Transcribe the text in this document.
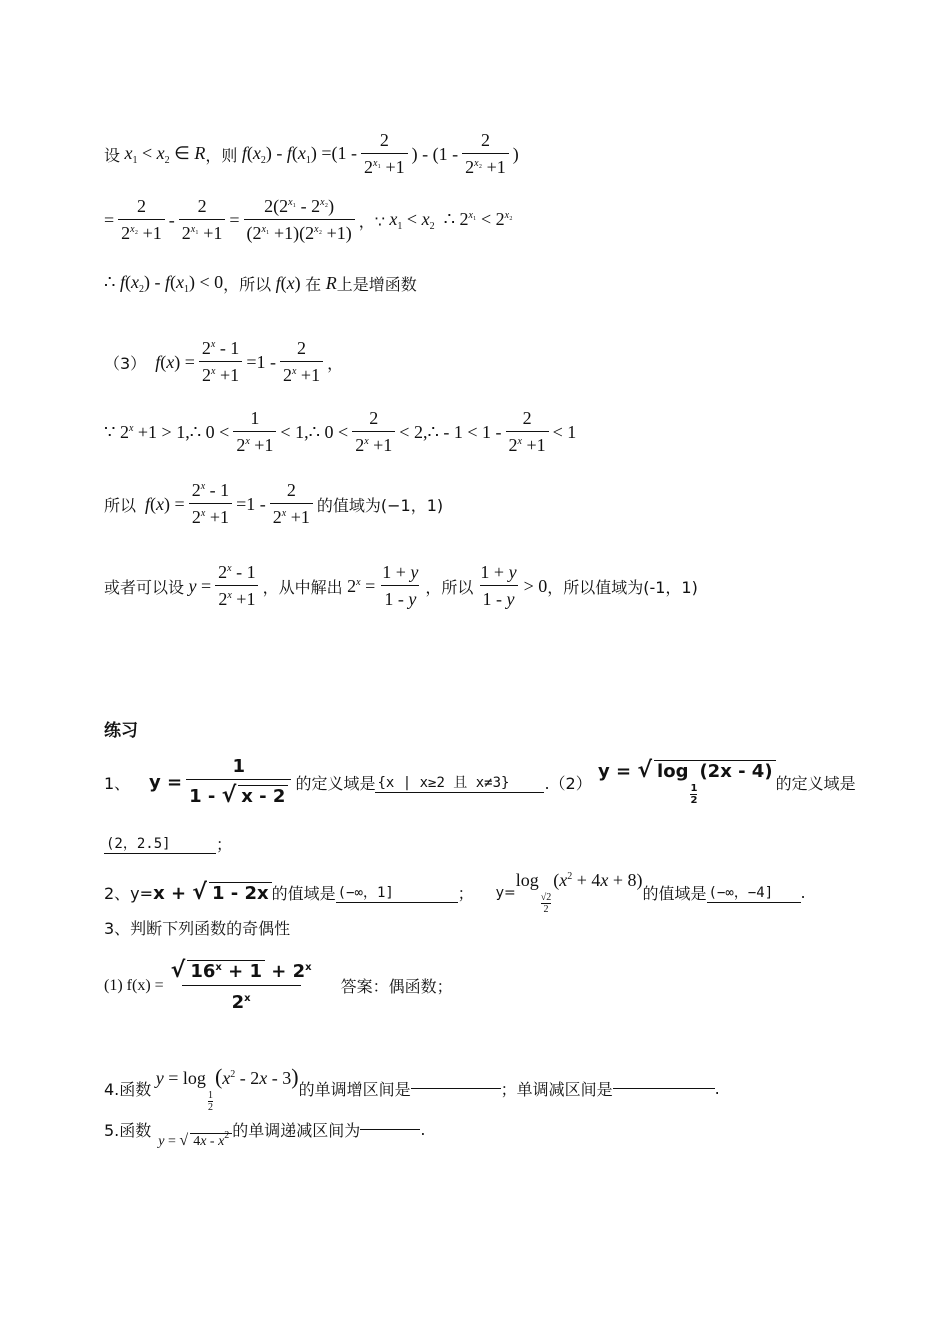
设 $x_1 < x_2$ ∈ R ，则 $f(x_2) - f(x_1) =(1 - \frac{2}{2^{x_1} +1}$ ) - ($1 - \frac{2}{2^{x_2} +1}$ )
= $\frac{2}{2^{x_2} +1} - \frac{2}{2^{x_1} +1} = \frac{2(2^{x_1} - 2^{x_2})}{(2^{x_1} +1)(2^{x_2} +1)}$ ，∵ $x_1 < x_2$  ∴ $2^{x_1} < 2^{x_2}$
∴ $f(x_2) - f(x_1) < 0$ ，所以 f(x) 在 R 上是增函数
（3） $f(x) = \frac{2^x - 1}{2^x +1} =1 - \frac{2}{2^x +1}$ ，
∵ $2^x +1$ > 1,∴ $0 < \frac{1}{2^x +1}$ < 1,∴ $0 < \frac{2}{2^x +1}$ < 2,∴ - $1 < 1 - \frac{2}{2^x +1} < 1$
所以 $f(x) = \frac{2^x - 1}{2^x +1} =1 - \frac{2}{2^x +1}$ 的值域为(−1，1)
或者可以设 $y = \frac{2^x - 1}{2^x +1}$ ，从中解出 $2^x = \frac{1 + y}{1 - y}$ ，所以 $\frac{1 + y}{1 - y} > 0$ ，所以值域为(-1，1)
练习
1、 $y = \frac{1}{1 - √ x - 2}$ 的定义域是 {x | x≥2 且 x≠3}	.（2）
y = √ log
$\frac{1}{2}$
(2x - 4)
的定义域是
(2，2.5]	；
2、y= x + √ 1 - 2x 的值域是 (−∞，1]	； y=
log
$\frac{√2}{2}$
$(x^2 + 4x + 8)$
的值域是 (−∞，−4]	.
3、判断下列函数的奇偶性
(1) $f(x) = \frac{√ 16^x + 1 + 2^x}{2^x}$ 答案：偶函数；
4.函数
y = log
$\frac{1}{2}$
$(x^2 - 2x - 3)$
的单调增区间是	；单调减区间是	.
5.函数
y = √ $4x - x^2$ 的单调递减区间为	.
